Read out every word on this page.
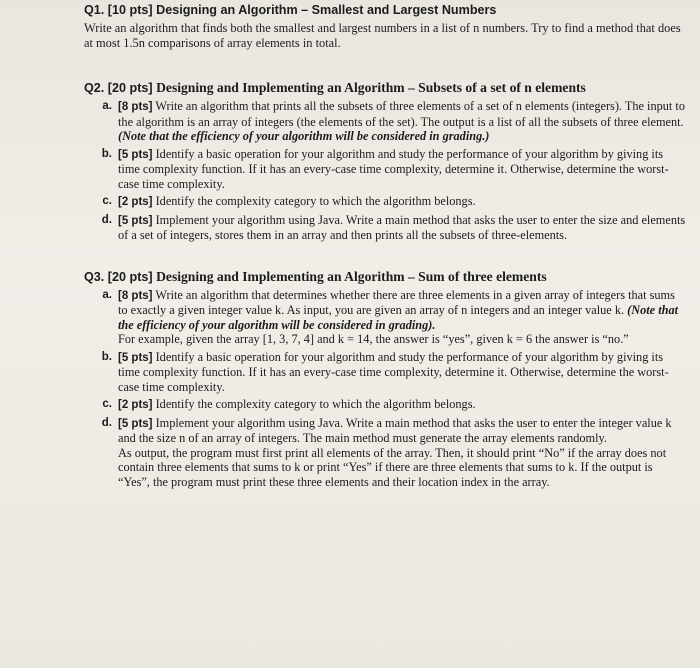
Q1. [10 pts] Designing an Algorithm – Smallest and Largest Numbers
Write an algorithm that finds both the smallest and largest numbers in a list of n numbers. Try to find a method that does at most 1.5n comparisons of array elements in total.
Q2. [20 pts] Designing and Implementing an Algorithm – Subsets of a set of n elements
a. [8 pts] Write an algorithm that prints all the subsets of three elements of a set of n elements (integers). The input to the algorithm is an array of integers (the elements of the set). The output is a list of all the subsets of three element. (Note that the efficiency of your algorithm will be considered in grading.)
b. [5 pts] Identify a basic operation for your algorithm and study the performance of your algorithm by giving its time complexity function. If it has an every-case time complexity, determine it. Otherwise, determine the worst-case time complexity.
c. [2 pts] Identify the complexity category to which the algorithm belongs.
d. [5 pts] Implement your algorithm using Java. Write a main method that asks the user to enter the size and elements of a set of integers, stores them in an array and then prints all the subsets of three-elements.
Q3. [20 pts] Designing and Implementing an Algorithm – Sum of three elements
a. [8 pts] Write an algorithm that determines whether there are three elements in a given array of integers that sums to exactly a given integer value k. As input, you are given an array of n integers and an integer value k. (Note that the efficiency of your algorithm will be considered in grading).
For example, given the array [1, 3, 7, 4] and k = 14, the answer is “yes”, given k = 6 the answer is “no.”
b. [5 pts] Identify a basic operation for your algorithm and study the performance of your algorithm by giving its time complexity function. If it has an every-case time complexity, determine it. Otherwise, determine the worst-case time complexity.
c. [2 pts] Identify the complexity category to which the algorithm belongs.
d. [5 pts] Implement your algorithm using Java. Write a main method that asks the user to enter the integer value k and the size n of an array of integers. The main method must generate the array elements randomly.
As output, the program must first print all elements of the array. Then, it should print “No” if the array does not contain three elements that sums to k or print “Yes” if there are three elements that sums to k. If the output is “Yes”, the program must print these three elements and their location index in the array.
